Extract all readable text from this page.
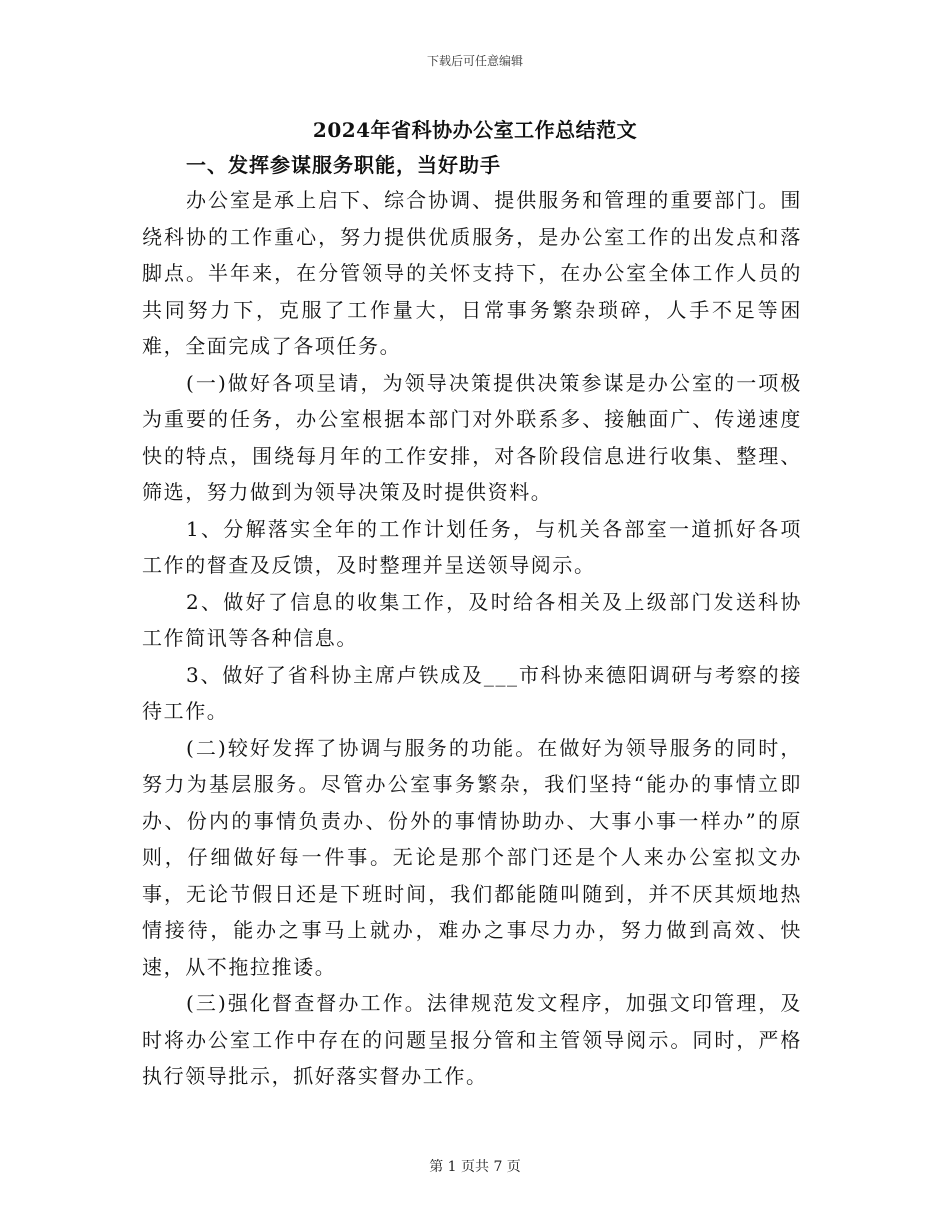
下载后可任意编辑
2024年省科协办公室工作总结范文
一、发挥参谋服务职能，当好助手

办公室是承上启下、综合协调、提供服务和管理的重要部门。围绕科协的工作重心，努力提供优质服务，是办公室工作的出发点和落脚点。半年来，在分管领导的关怀支持下，在办公室全体工作人员的共同努力下，克服了工作量大，日常事务繁杂琐碎，人手不足等困难，全面完成了各项任务。

(一)做好各项呈请，为领导决策提供决策参谋是办公室的一项极为重要的任务，办公室根据本部门对外联系多、接触面广、传递速度快的特点，围绕每月年的工作安排，对各阶段信息进行收集、整理、筛选，努力做到为领导决策及时提供资料。

1、分解落实全年的工作计划任务，与机关各部室一道抓好各项工作的督查及反馈，及时整理并呈送领导阅示。

2、做好了信息的收集工作，及时给各相关及上级部门发送科协工作简讯等各种信息。

3、做好了省科协主席卢铁成及___市科协来德阳调研与考察的接待工作。

(二)较好发挥了协调与服务的功能。在做好为领导服务的同时，努力为基层服务。尽管办公室事务繁杂，我们坚持“能办的事情立即办、份内的事情负责办、份外的事情协助办、大事小事一样办”的原则，仔细做好每一件事。无论是那个部门还是个人来办公室拟文办事，无论节假日还是下班时间，我们都能随叫随到，并不厌其烦地热情接待，能办之事马上就办，难办之事尽力办，努力做到高效、快速，从不拖拉推诿。

(三)强化督查督办工作。法律规范发文程序，加强文印管理，及时将办公室工作中存在的问题呈报分管和主管领导阅示。同时，严格执行领导批示，抓好落实督办工作。

第 1 页共 7 页
